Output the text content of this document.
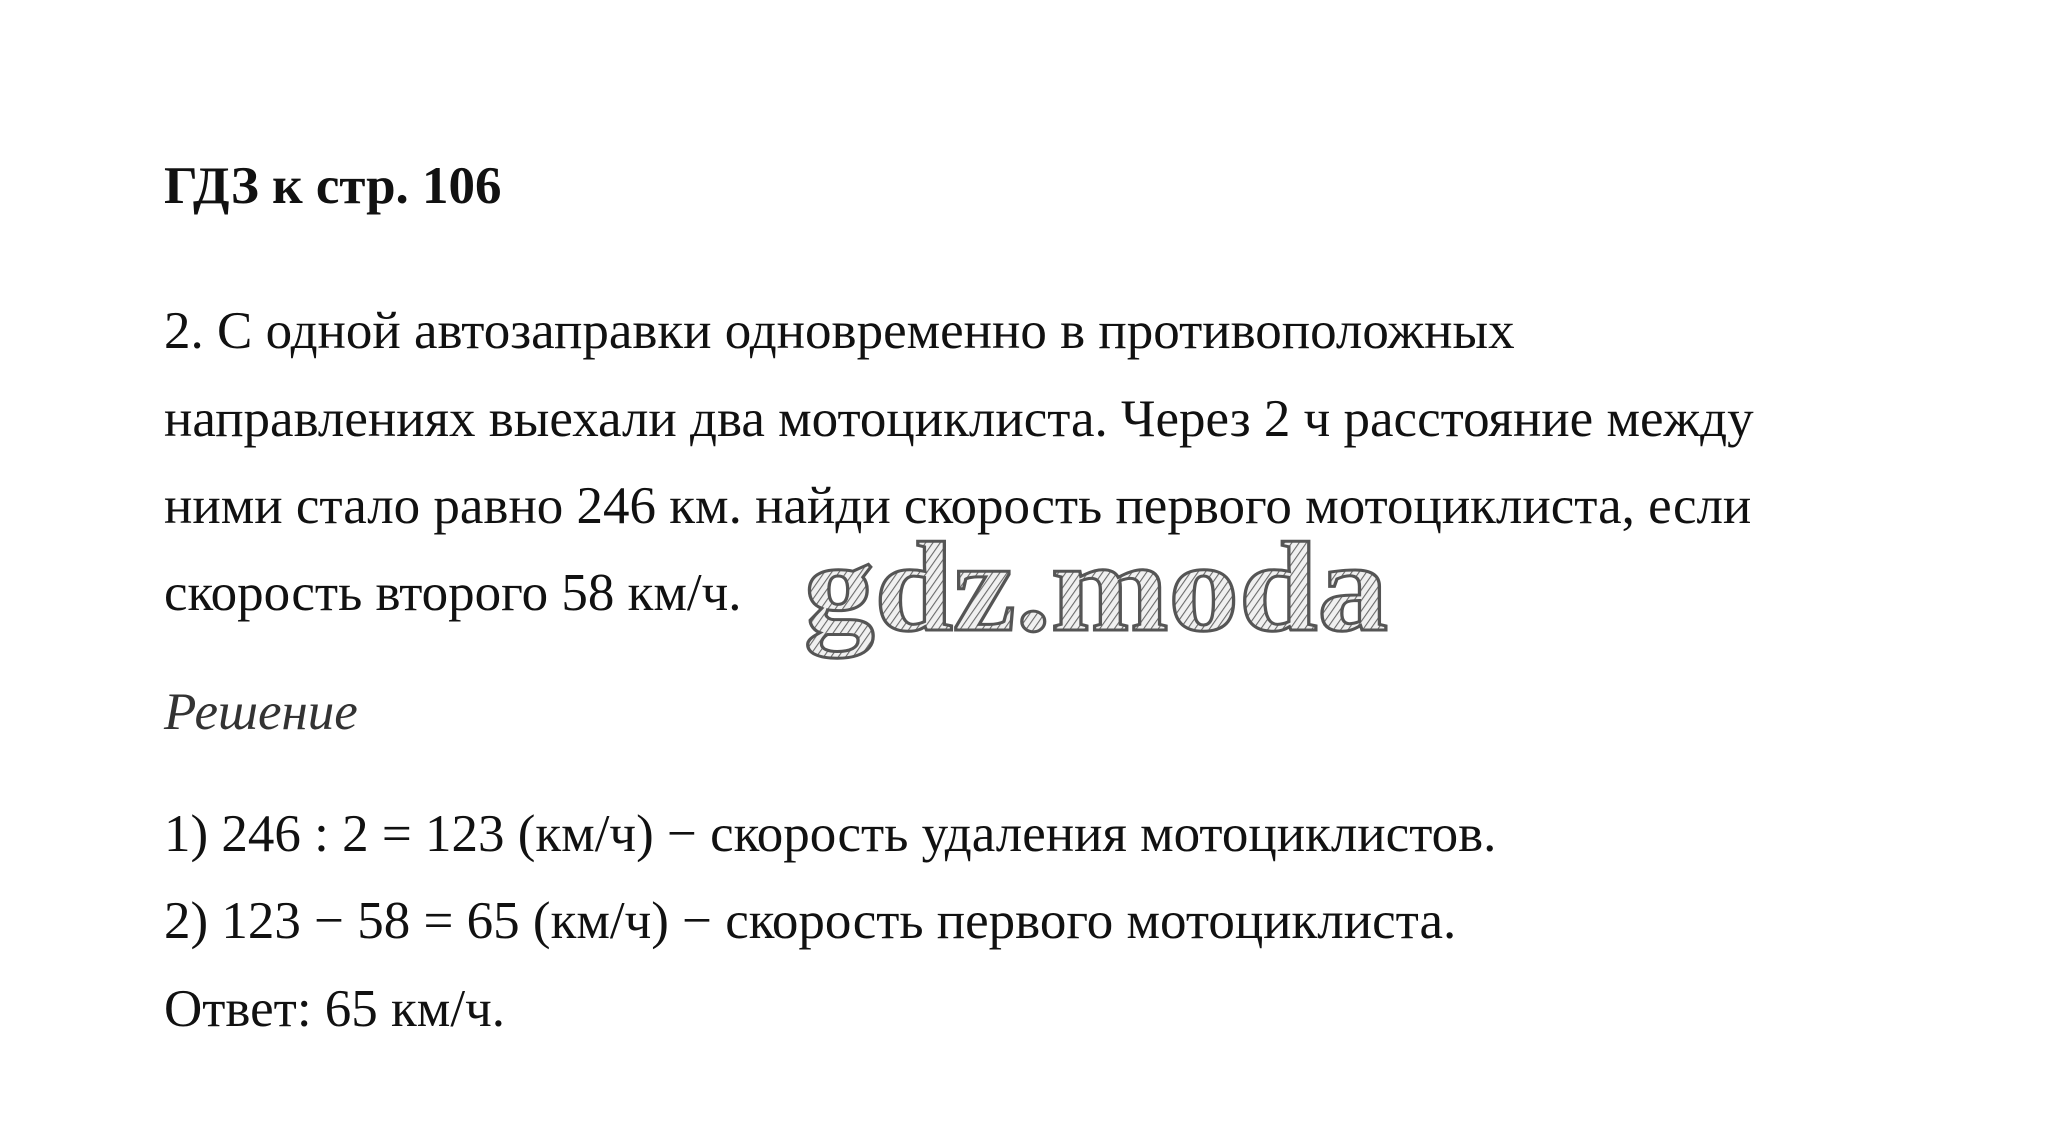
ГДЗ к стр. 106
2. С одной автозаправки одновременно в противоположных
направлениях выехали два мотоциклиста. Через 2 ч расстояние между
ними стало равно 246 км. найди скорость первого мотоциклиста, если
скорость второго 58 км/ч.
Решение
1) 246 : 2 = 123 (км/ч) − скорость удаления мотоциклистов.
2) 123 − 58 = 65 (км/ч) − скорость первого мотоциклиста.
Ответ: 65 км/ч.
gdz.moda
